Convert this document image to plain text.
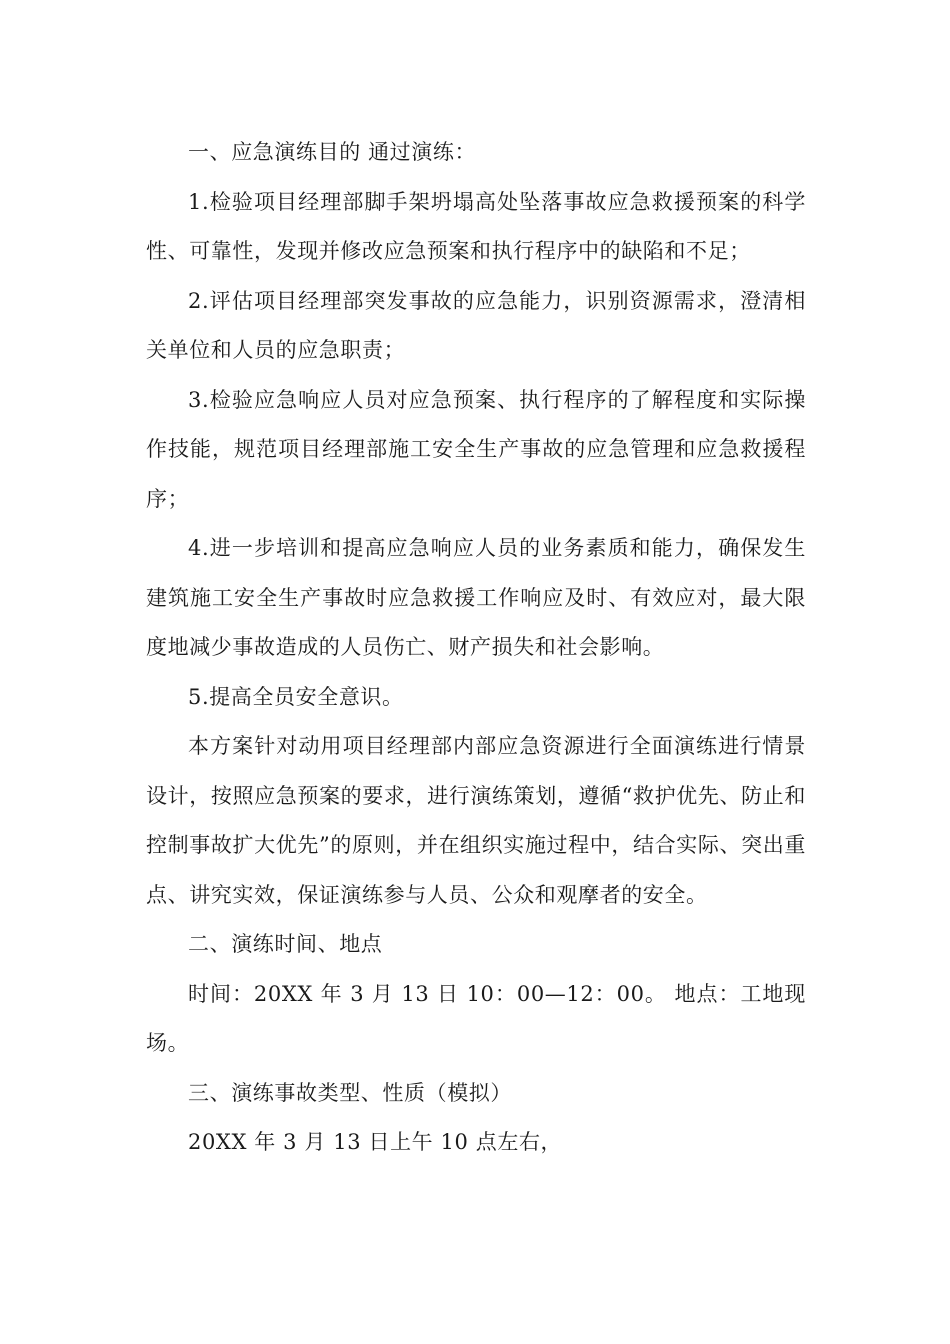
一、应急演练目的 通过演练：

1.检验项目经理部脚手架坍塌高处坠落事故应急救援预案的科学性、可靠性，发现并修改应急预案和执行程序中的缺陷和不足；

2.评估项目经理部突发事故的应急能力，识别资源需求，澄清相关单位和人员的应急职责；

3.检验应急响应人员对应急预案、执行程序的了解程度和实际操作技能，规范项目经理部施工安全生产事故的应急管理和应急救援程序；

4.进一步培训和提高应急响应人员的业务素质和能力，确保发生建筑施工安全生产事故时应急救援工作响应及时、有效应对，最大限度地减少事故造成的人员伤亡、财产损失和社会影响。

5.提高全员安全意识。

本方案针对动用项目经理部内部应急资源进行全面演练进行情景设计，按照应急预案的要求，进行演练策划，遵循“救护优先、防止和控制事故扩大优先”的原则，并在组织实施过程中，结合实际、突出重点、讲究实效，保证演练参与人员、公众和观摩者的安全。

二、演练时间、地点

时间：20XX 年 3 月 13 日 10：00—12：00。 地点：工地现场。

三、演练事故类型、性质（模拟）

20XX 年 3 月 13 日上午 10 点左右，
